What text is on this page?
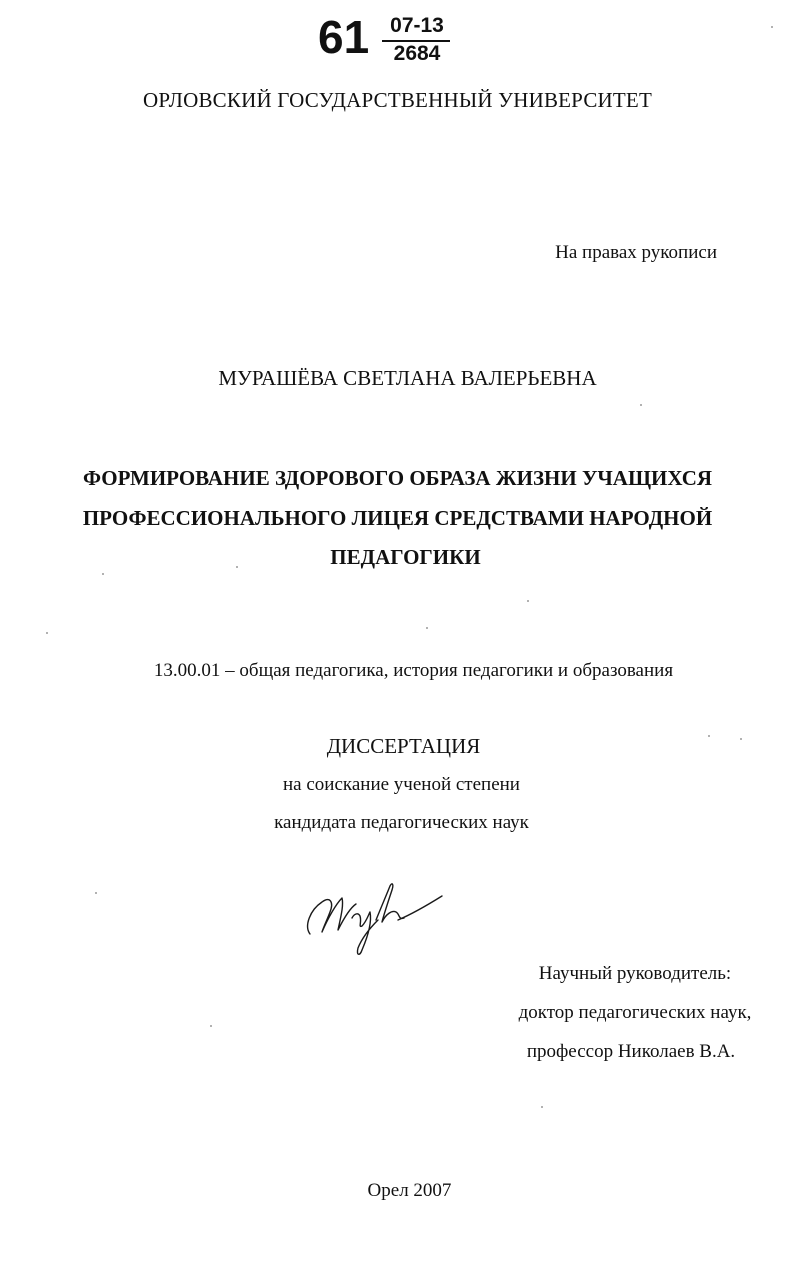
61 07-13
2684
ОРЛОВСКИЙ ГОСУДАРСТВЕННЫЙ УНИВЕРСИТЕТ
На правах рукописи
МУРАШЁВА СВЕТЛАНА ВАЛЕРЬЕВНА
ФОРМИРОВАНИЕ ЗДОРОВОГО ОБРАЗА ЖИЗНИ УЧАЩИХСЯ
ПРОФЕССИОНАЛЬНОГО ЛИЦЕЯ СРЕДСТВАМИ НАРОДНОЙ
ПЕДАГОГИКИ
13.00.01 – общая педагогика, история педагогики и образования
ДИССЕРТАЦИЯ
на соискание ученой степени
кандидата педагогических наук
Научный руководитель:
доктор педагогических наук,
профессор Николаев В.А.
Орел 2007
